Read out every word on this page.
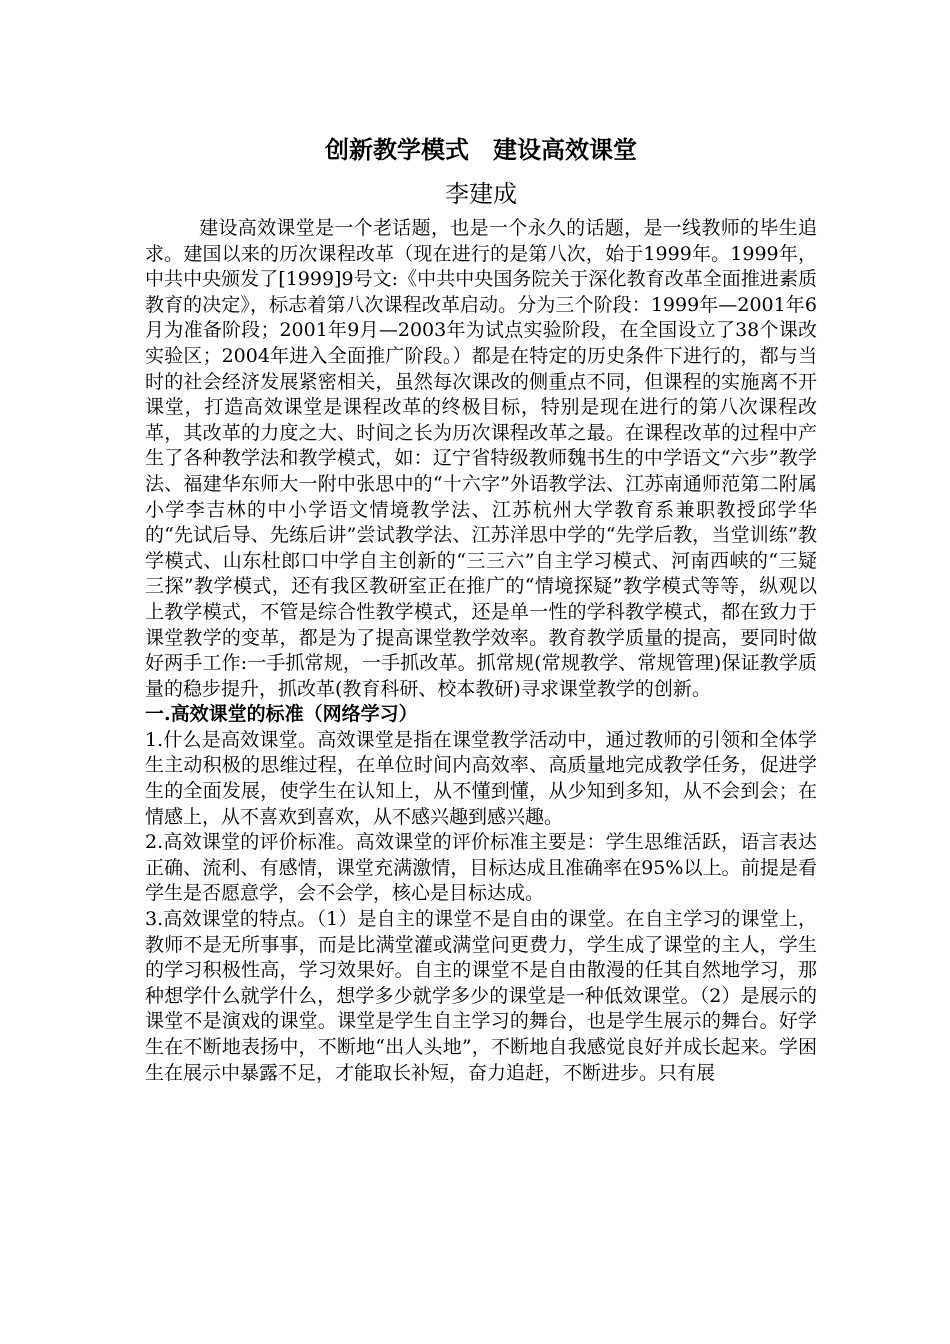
创新教学模式　建设高效课堂
李建成

建设高效课堂是一个老话题，也是一个永久的话题，是一线教师的毕生追求。建国以来的历次课程改革（现在进行的是第八次，始于1999年。1999年，中共中央颁发了[1999]9号文:《中共中央国务院关于深化教育改革全面推进素质教育的决定》，标志着第八次课程改革启动。分为三个阶段：1999年—2001年6月为准备阶段；2001年9月—2003年为试点实验阶段，在全国设立了38个课改实验区；2004年进入全面推广阶段。）都是在特定的历史条件下进行的，都与当时的社会经济发展紧密相关，虽然每次课改的侧重点不同，但课程的实施离不开课堂，打造高效课堂是课程改革的终极目标，特别是现在进行的第八次课程改革，其改革的力度之大、时间之长为历次课程改革之最。在课程改革的过程中产生了各种教学法和教学模式，如：辽宁省特级教师魏书生的中学语文“六步”教学法、福建华东师大一附中张思中的“十六字”外语教学法、江苏南通师范第二附属小学李吉林的中小学语文情境教学法、江苏杭州大学教育系兼职教授邱学华的“先试后导、先练后讲”尝试教学法、江苏洋思中学的“先学后教，当堂训练”教学模式、山东杜郎口中学自主创新的“三三六”自主学习模式、河南西峡的“三疑三探”教学模式，还有我区教研室正在推广的“情境探疑”教学模式等等，纵观以上教学模式，不管是综合性教学模式，还是单一性的学科教学模式，都在致力于课堂教学的变革，都是为了提高课堂教学效率。教育教学质量的提高，要同时做好两手工作:一手抓常规，一手抓改革。抓常规(常规教学、常规管理)保证教学质量的稳步提升，抓改革(教育科研、校本教研)寻求课堂教学的创新。

一.高效课堂的标准（网络学习）

1.什么是高效课堂。高效课堂是指在课堂教学活动中，通过教师的引领和全体学生主动积极的思维过程，在单位时间内高效率、高质量地完成教学任务，促进学生的全面发展，使学生在认知上，从不懂到懂，从少知到多知，从不会到会；在情感上，从不喜欢到喜欢，从不感兴趣到感兴趣。

2.高效课堂的评价标准。高效课堂的评价标准主要是：学生思维活跃，语言表达正确、流利、有感情，课堂充满激情，目标达成且准确率在95%以上。前提是看学生是否愿意学，会不会学，核心是目标达成。

3.高效课堂的特点。（1）是自主的课堂不是自由的课堂。在自主学习的课堂上，教师不是无所事事，而是比满堂灌或满堂问更费力，学生成了课堂的主人，学生的学习积极性高，学习效果好。自主的课堂不是自由散漫的任其自然地学习，那种想学什么就学什么，想学多少就学多少的课堂是一种低效课堂。（2）是展示的课堂不是演戏的课堂。课堂是学生自主学习的舞台，也是学生展示的舞台。好学生在不断地表扬中，不断地“出人头地”，不断地自我感觉良好并成长起来。学困生在展示中暴露不足，才能取长补短，奋力追赶，不断进步。只有展
